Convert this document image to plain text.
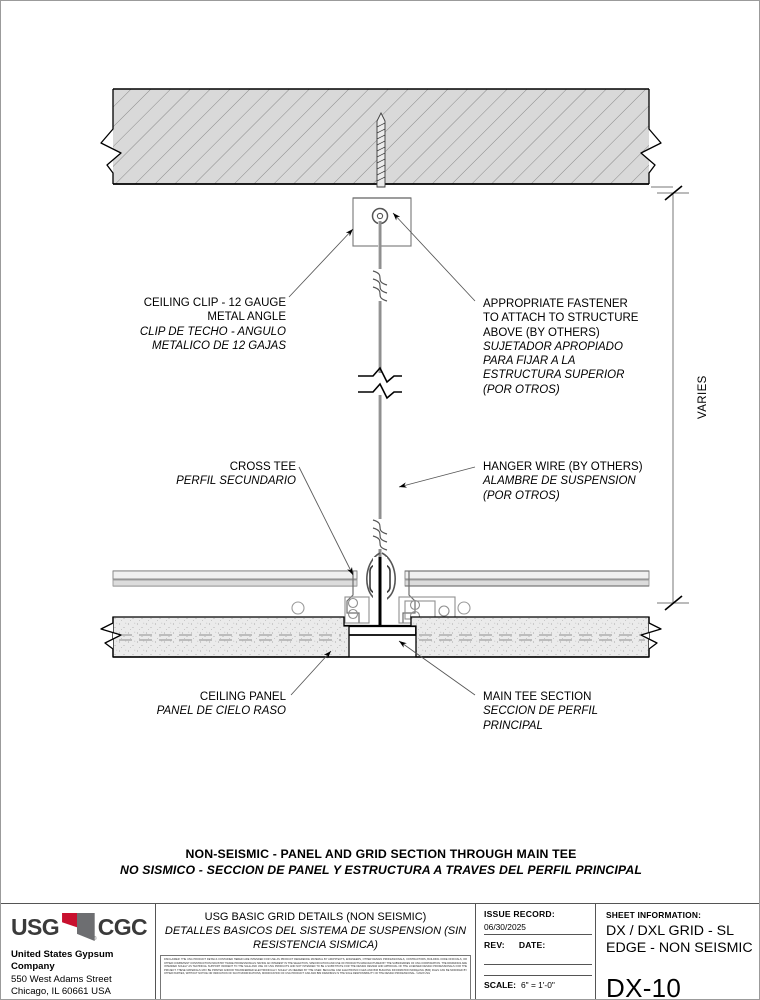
CEILING CLIP - 12 GAUGE
METAL ANGLE
CLIP DE TECHO - ANGULO
METALICO DE 12 GAJAS
APPROPRIATE FASTENER
TO ATTACH TO STRUCTURE
ABOVE (BY OTHERS)
SUJETADOR APROPIADO
PARA FIJAR A LA
ESTRUCTURA SUPERIOR
(POR OTROS)
CROSS TEE
PERFIL SECUNDARIO
HANGER WIRE (BY OTHERS)
ALAMBRE DE SUSPENSION
(POR OTROS)
CEILING PANEL
PANEL DE CIELO RASO
MAIN TEE SECTION
SECCION DE PERFIL
PRINCIPAL
VARIES
NON-SEISMIC - PANEL AND GRID SECTION THROUGH MAIN TEE
NO SISMICO - SECCION DE PANEL Y ESTRUCTURA A TRAVES DEL PERFIL PRINCIPAL
USG	® CGC
United States Gypsum Company
550 West Adams Street
Chicago, IL 60661 USA
USG BASIC GRID DETAILS (NON SEISMIC)
DETALLES BASICOS DEL SISTEMA DE SUSPENSION (SIN
RESISTENCIA SISMICA)

DISCLAIMER: THE USG PRODUCT DETAILS CONTAINED HEREIN ARE INTENDED FOR USE AS PRODUCT REFERENCE MATERIAL BY ARCHITECTS, ENGINEERS, OTHER DESIGN PROFESSIONALS, CONTRACTORS, BUILDING CODE OFFICIALS, OR OTHER COMPETENT CONSTRUCTION INDUSTRY TRADE PROFESSIONALS HAVING AN INTEREST IN THE SELECTION, SPECIFICATION AND USE OF PRODUCTS MANUFACTURED BY THE SUBSIDIARIES OF USG CORPORATION. THE DRAWINGS ARE INTENDED SOLELY AS TECHNICAL SUPPORT INCIDENT TO THE SALE AND USE OF USG PRODUCTS AND NOT INTENDED TO BE A SUBSTITUTE FOR THE DESIGN REVIEW AND APPROVAL OF THE LICENSED DESIGN PROFESSIONALS FOR THE PROJECT. THESE MATERIALS MAY BE PRINTED AND/OR TRANSFERRED ELECTRONICALLY SOLELY AS NEEDED BY THE USER. BECAUSE CAD ELECTRONIC FILES AND BIM BUILDING INFORMATION MODELING (BIM) FILES CAN BE MODIFIED BY OTHER PARTIES, WITHOUT NOTICE OR INDICATION OF SUCH MODIFICATIONS, MODIFICATION OF USG PRODUCT CAD AND BIM DRAWINGS IS THE SOLE RESPONSIBILITY OF THE DESIGN PROFESSIONAL. ©2023 USG

ISSUE RECORD:
06/30/2025
REV: DATE:
SCALE: 6" = 1'-0"
SHEET INFORMATION:
DX / DXL GRID - SL
EDGE - NON SEISMIC
DX-10
